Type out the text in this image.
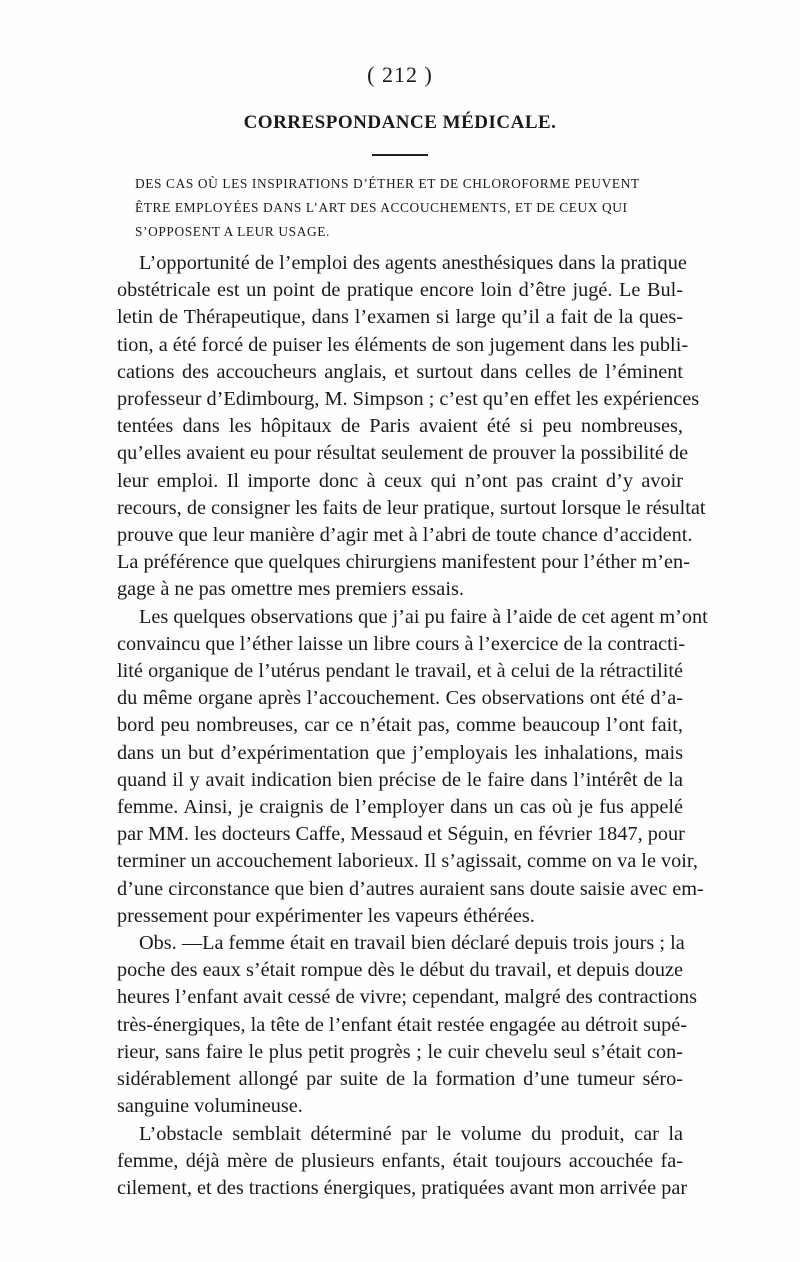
( 212 )
CORRESPONDANCE MÉDICALE.
DES CAS OÙ LES INSPIRATIONS D’ÉTHER ET DE CHLOROFORME PEUVENT
ÊTRE EMPLOYÉES DANS L’ART DES ACCOUCHEMENTS, ET DE CEUX QUI
S’OPPOSENT A LEUR USAGE.
L’opportunité de l’emploi des agents anesthésiques dans la pratique
obstétricale est un point de pratique encore loin d’être jugé. Le Bul-
letin de Thérapeutique, dans l’examen si large qu’il a fait de la ques-
tion, a été forcé de puiser les éléments de son jugement dans les publi-
cations des accoucheurs anglais, et surtout dans celles de l’éminent
professeur d’Edimbourg, M. Simpson ; c’est qu’en effet les expériences
tentées dans les hôpitaux de Paris avaient été si peu nombreuses,
qu’elles avaient eu pour résultat seulement de prouver la possibilité de
leur emploi. Il importe donc à ceux qui n’ont pas craint d’y avoir
recours, de consigner les faits de leur pratique, surtout lorsque le résultat
prouve que leur manière d’agir met à l’abri de toute chance d’accident.
La préférence que quelques chirurgiens manifestent pour l’éther m’en-
gage à ne pas omettre mes premiers essais.
Les quelques observations que j’ai pu faire à l’aide de cet agent m’ont
convaincu que l’éther laisse un libre cours à l’exercice de la contracti-
lité organique de l’utérus pendant le travail, et à celui de la rétractilité
du même organe après l’accouchement. Ces observations ont été d’a-
bord peu nombreuses, car ce n’était pas, comme beaucoup l’ont fait,
dans un but d’expérimentation que j’employais les inhalations, mais
quand il y avait indication bien précise de le faire dans l’intérêt de la
femme. Ainsi, je craignis de l’employer dans un cas où je fus appelé
par MM. les docteurs Caffe, Messaud et Séguin, en février 1847, pour
terminer un accouchement laborieux. Il s’agissait, comme on va le voir,
d’une circonstance que bien d’autres auraient sans doute saisie avec em-
pressement pour expérimenter les vapeurs éthérées.
Obs. —La femme était en travail bien déclaré depuis trois jours ; la
poche des eaux s’était rompue dès le début du travail, et depuis douze
heures l’enfant avait cessé de vivre; cependant, malgré des contractions
très-énergiques, la tête de l’enfant était restée engagée au détroit supé-
rieur, sans faire le plus petit progrès ; le cuir chevelu seul s’était con-
sidérablement allongé par suite de la formation d’une tumeur séro-
sanguine volumineuse.
L’obstacle semblait déterminé par le volume du produit, car la
femme, déjà mère de plusieurs enfants, était toujours accouchée fa-
cilement, et des tractions énergiques, pratiquées avant mon arrivée par
